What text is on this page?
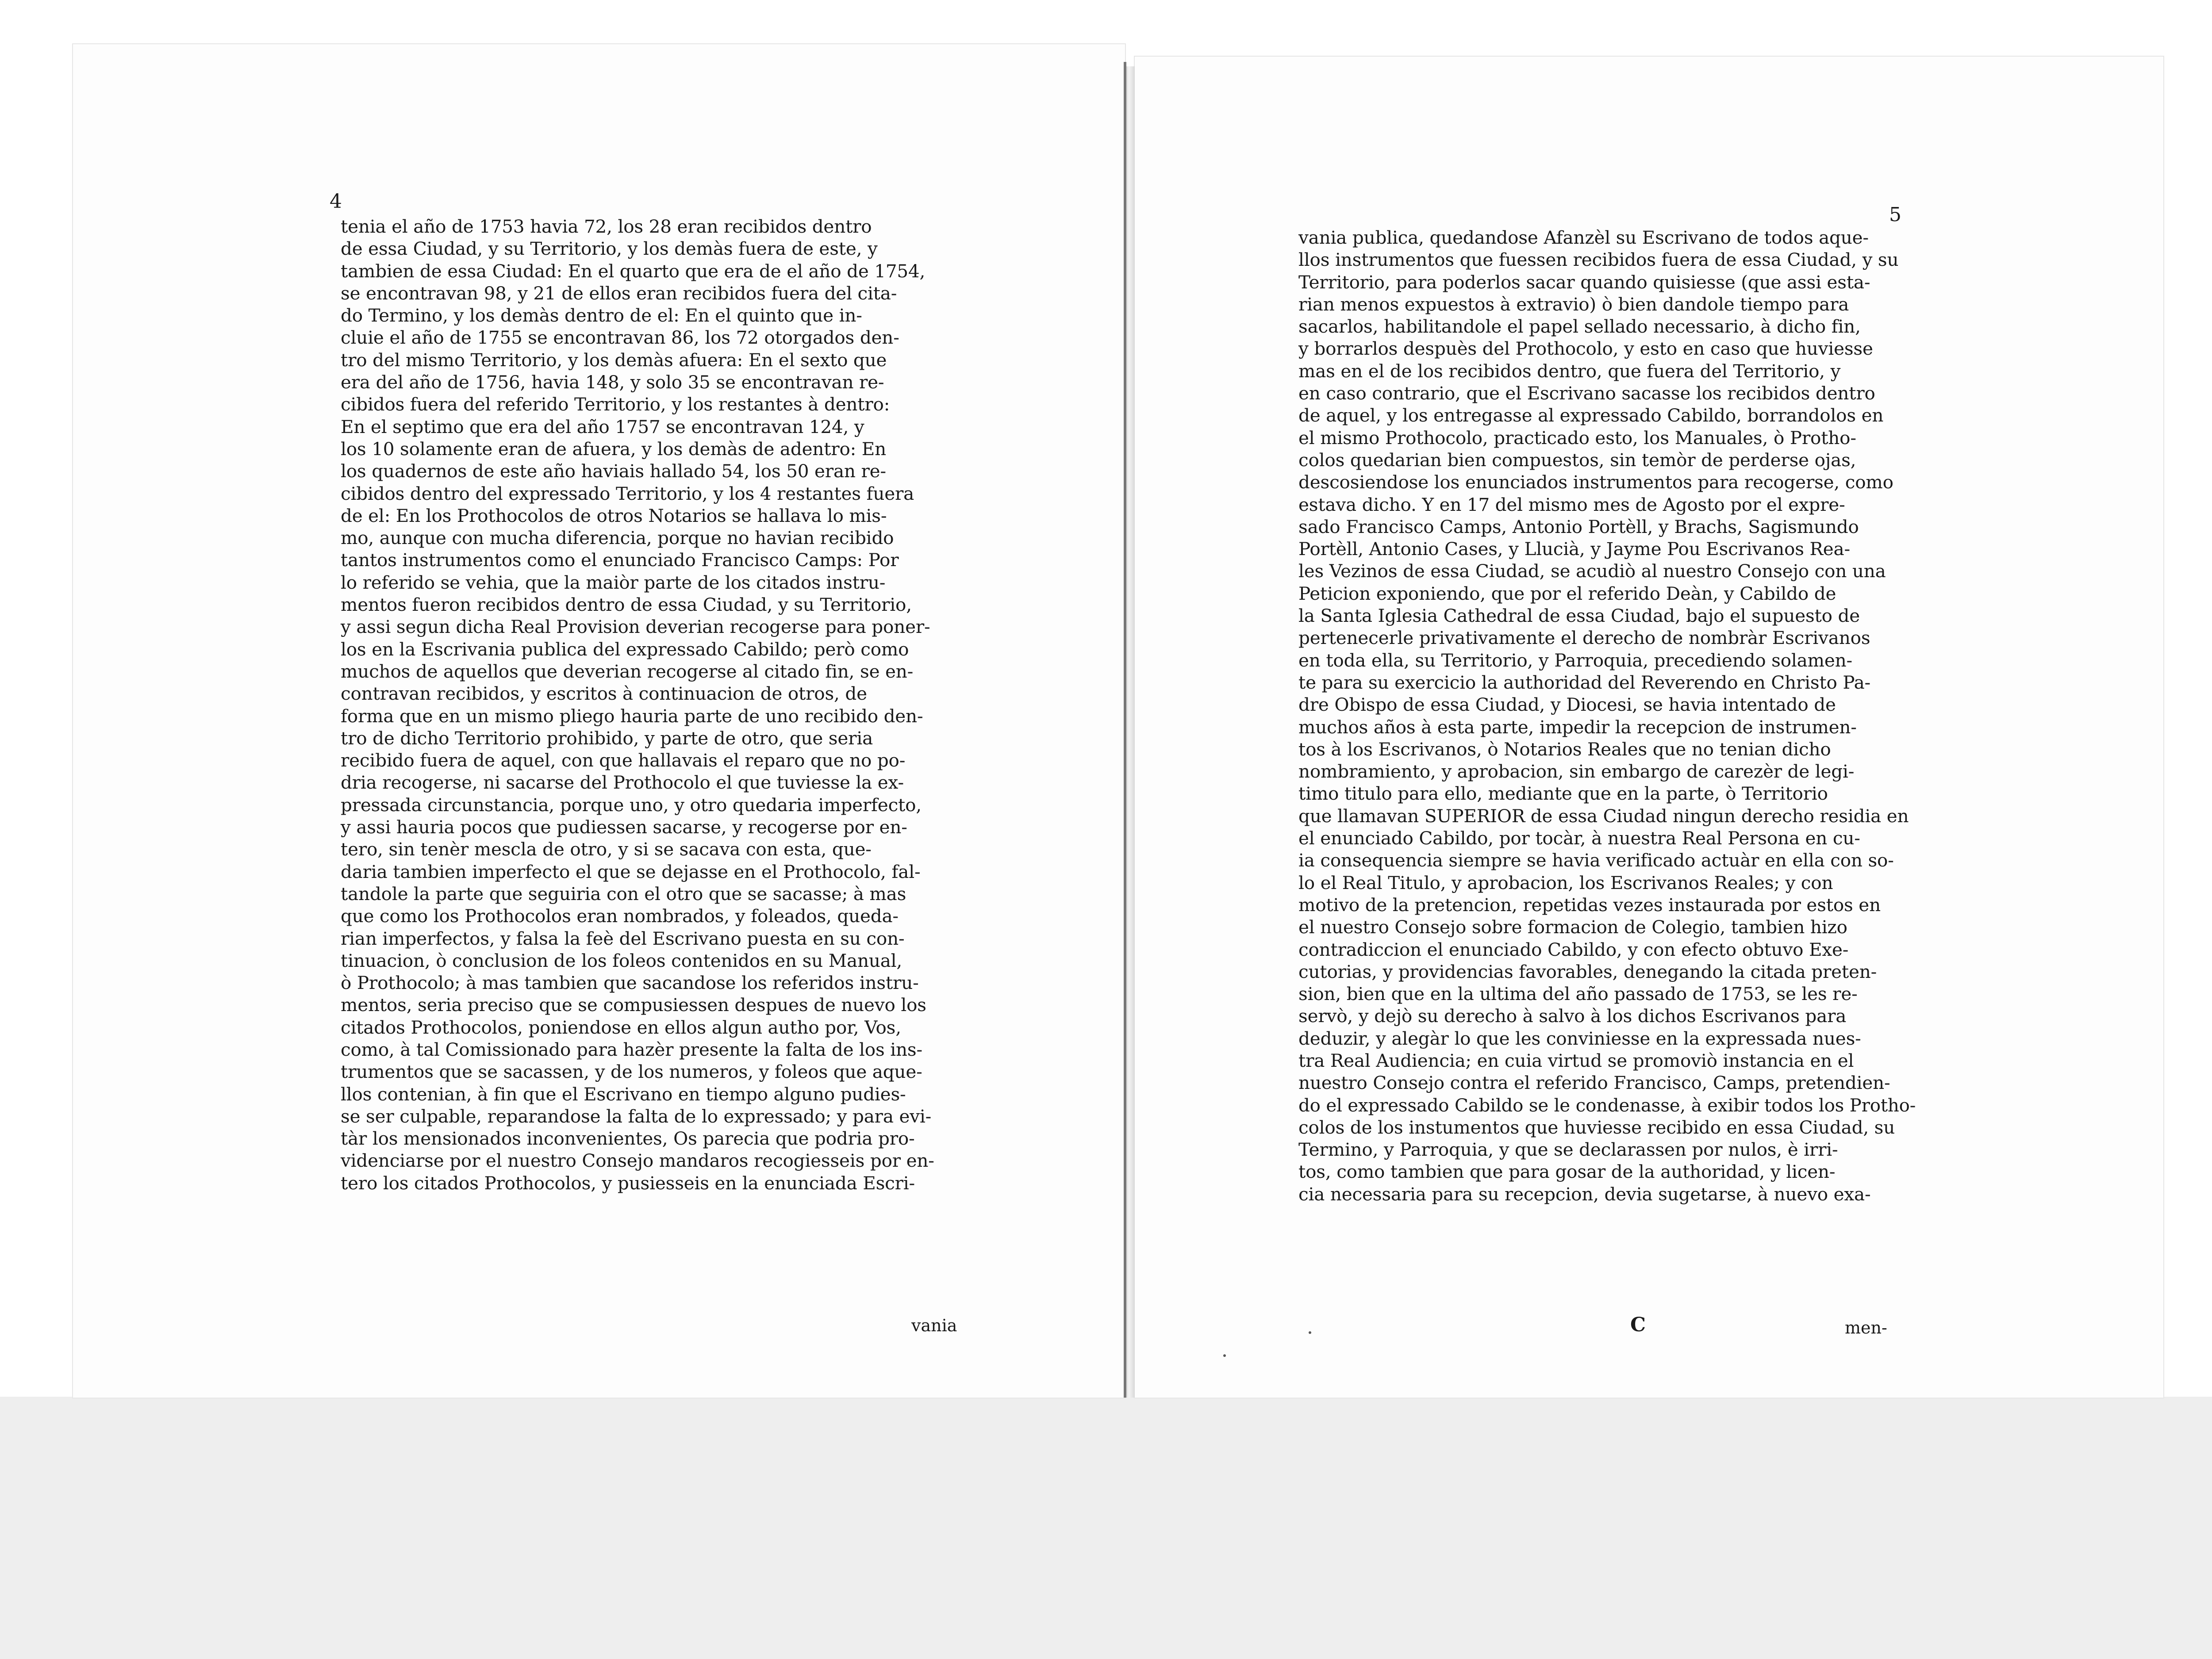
4
5
tenia el año de 1753 havia 72, los 28 eran recibidos dentro
de essa Ciudad, y su Territorio, y los demàs fuera de este, y
tambien de essa Ciudad: En el quarto que era de el año de 1754,
se encontravan 98, y 21 de ellos eran recibidos fuera del cita-
do Termino, y los demàs dentro de el: En el quinto que in-
cluie el año de 1755 se encontravan 86, los 72 otorgados den-
tro del mismo Territorio, y los demàs afuera: En el sexto que
era del año de 1756, havia 148, y solo 35 se encontravan re-
cibidos fuera del referido Territorio, y los restantes à dentro:
En el septimo que era del año 1757 se encontravan 124, y
los 10 solamente eran de afuera, y los demàs de adentro: En
los quadernos de este año haviais hallado 54, los 50 eran re-
cibidos dentro del expressado Territorio, y los 4 restantes fuera
de el: En los Prothocolos de otros Notarios se hallava lo mis-
mo, aunque con mucha diferencia, porque no havian recibido
tantos instrumentos como el enunciado Francisco Camps: Por
lo referido se vehia, que la maiòr parte de los citados instru-
mentos fueron recibidos dentro de essa Ciudad, y su Territorio,
y assi segun dicha Real Provision deverian recogerse para poner-
los en la Escrivania publica del expressado Cabildo; però como
muchos de aquellos que deverian recogerse al citado fin, se en-
contravan recibidos, y escritos à continuacion de otros, de
forma que en un mismo pliego hauria parte de uno recibido den-
tro de dicho Territorio prohibido, y parte de otro, que seria
recibido fuera de aquel, con que hallavais el reparo que no po-
dria recogerse, ni sacarse del Prothocolo el que tuviesse la ex-
pressada circunstancia, porque uno, y otro quedaria imperfecto,
y assi hauria pocos que pudiessen sacarse, y recogerse por en-
tero, sin tenèr mescla de otro, y si se sacava con esta, que-
daria tambien imperfecto el que se dejasse en el Prothocolo, fal-
tandole la parte que seguiria con el otro que se sacasse; à mas
que como los Prothocolos eran nombrados, y foleados, queda-
rian imperfectos, y falsa la feè del Escrivano puesta en su con-
tinuacion, ò conclusion de los foleos contenidos en su Manual,
ò Prothocolo; à mas tambien que sacandose los referidos instru-
mentos, seria preciso que se compusiessen despues de nuevo los
citados Prothocolos, poniendose en ellos algun autho por, Vos,
como, à tal Comissionado para hazèr presente la falta de los ins-
trumentos que se sacassen, y de los numeros, y foleos que aque-
llos contenian, à fin que el Escrivano en tiempo alguno pudies-
se ser culpable, reparandose la falta de lo expressado; y para evi-
tàr los mensionados inconvenientes, Os parecia que podria pro-
videnciarse por el nuestro Consejo mandaros recogiesseis por en-
tero los citados Prothocolos, y pusiesseis en la enunciada Escri-
vania publica, quedandose Afanzèl su Escrivano de todos aque-
llos instrumentos que fuessen recibidos fuera de essa Ciudad, y su
Territorio, para poderlos sacar quando quisiesse (que assi esta-
rian menos expuestos à extravio) ò bien dandole tiempo para
sacarlos, habilitandole el papel sellado necessario, à dicho fin,
y borrarlos despuès del Prothocolo, y esto en caso que huviesse
mas en el de los recibidos dentro, que fuera del Territorio, y
en caso contrario, que el Escrivano sacasse los recibidos dentro
de aquel, y los entregasse al expressado Cabildo, borrandolos en
el mismo Prothocolo, practicado esto, los Manuales, ò Protho-
colos quedarian bien compuestos, sin temòr de perderse ojas,
descosiendose los enunciados instrumentos para recogerse, como
estava dicho. Y en 17 del mismo mes de Agosto por el expre-
sado Francisco Camps, Antonio Portèll, y Brachs, Sagismundo
Portèll, Antonio Cases, y Llucià, y Jayme Pou Escrivanos Rea-
les Vezinos de essa Ciudad, se acudiò al nuestro Consejo con una
Peticion exponiendo, que por el referido Deàn, y Cabildo de
la Santa Iglesia Cathedral de essa Ciudad, bajo el supuesto de
pertenecerle privativamente el derecho de nombràr Escrivanos
en toda ella, su Territorio, y Parroquia, precediendo solamen-
te para su exercicio la authoridad del Reverendo en Christo Pa-
dre Obispo de essa Ciudad, y Diocesi, se havia intentado de
muchos años à esta parte, impedir la recepcion de instrumen-
tos à los Escrivanos, ò Notarios Reales que no tenian dicho
nombramiento, y aprobacion, sin embargo de carezèr de legi-
timo titulo para ello, mediante que en la parte, ò Territorio
que llamavan SUPERIOR de essa Ciudad ningun derecho residia en
el enunciado Cabildo, por tocàr, à nuestra Real Persona en cu-
ia consequencia siempre se havia verificado actuàr en ella con so-
lo el Real Titulo, y aprobacion, los Escrivanos Reales; y con
motivo de la pretencion, repetidas vezes instaurada por estos en
el nuestro Consejo sobre formacion de Colegio, tambien hizo
contradiccion el enunciado Cabildo, y con efecto obtuvo Exe-
cutorias, y providencias favorables, denegando la citada preten-
sion, bien que en la ultima del año passado de 1753, se les re-
servò, y dejò su derecho à salvo à los dichos Escrivanos para
deduzir, y alegàr lo que les conviniesse en la expressada nues-
tra Real Audiencia; en cuia virtud se promoviò instancia en el
nuestro Consejo contra el referido Francisco, Camps, pretendien-
do el expressado Cabildo se le condenasse, à exibir todos los Protho-
colos de los instumentos que huviesse recibido en essa Ciudad, su
Termino, y Parroquia, y que se declarassen por nulos, è irri-
tos, como tambien que para gosar de la authoridad, y licen-
cia necessaria para su recepcion, devia sugetarse, à nuevo exa-
vania	C	men-
